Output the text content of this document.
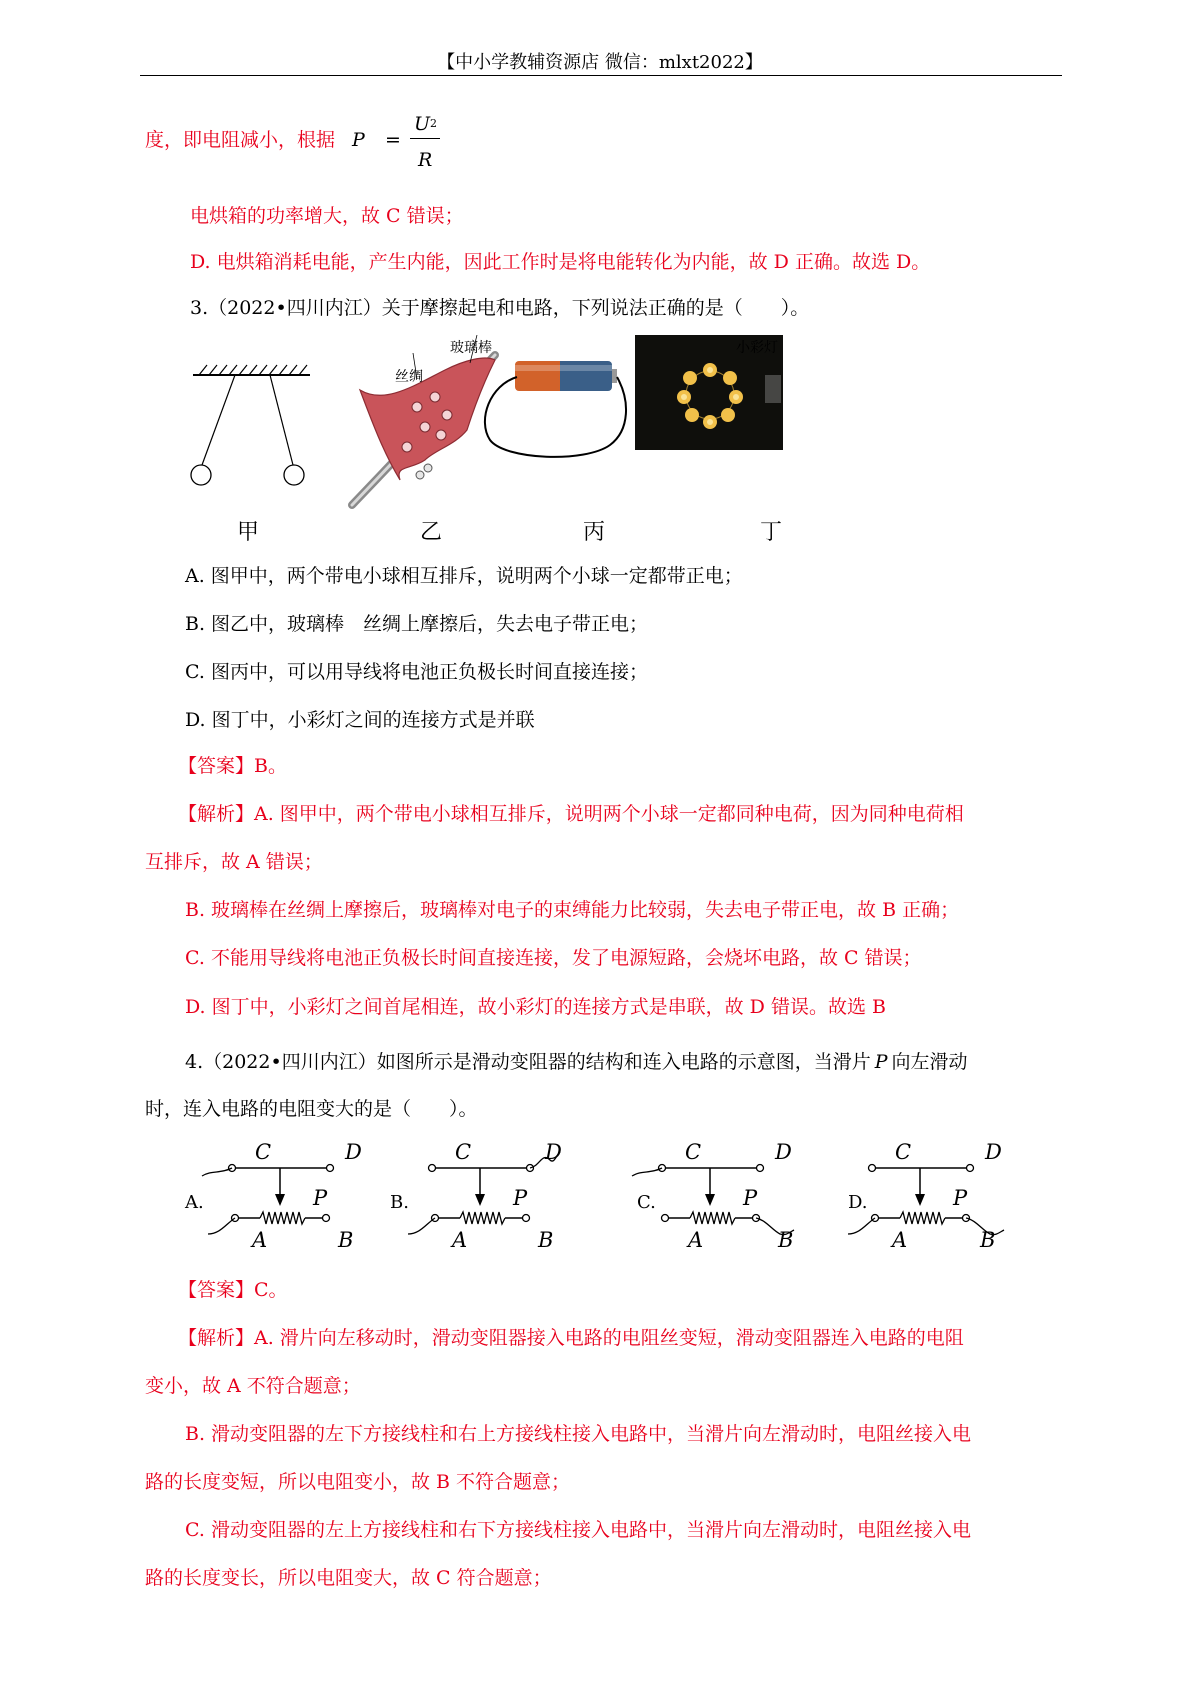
【中小学教辅资源店 微信：mlxt2022】
度，即电阻减小，根据 P =
$U^2$
R
电烘箱的功率增大，故 C 错误；
D. 电烘箱消耗电能，产生内能，因此工作时是将电能转化为内能，故 D 正确。故选 D。
3.（2022•四川内江）关于摩擦起电和电路，下列说法正确的是（　　）。
玻璃棒
丝绸
小彩灯
甲	乙	丙	丁
A. 图甲中，两个带电小球相互排斥，说明两个小球一定都带正电；
B. 图乙中，玻璃棒　丝绸上摩擦后，失去电子带正电；
C. 图丙中，可以用导线将电池正负极长时间直接连接；
D. 图丁中，小彩灯之间的连接方式是并联
【答案】B。
【解析】A. 图甲中，两个带电小球相互排斥，说明两个小球一定都同种电荷，因为同种电荷相
互排斥，故 A 错误；
B. 玻璃棒在丝绸上摩擦后，玻璃棒对电子的束缚能力比较弱，失去电子带正电，故 B 正确；
C. 不能用导线将电池正负极长时间直接连接，发了电源短路，会烧坏电路，故 C 错误；
D. 图丁中，小彩灯之间首尾相连，故小彩灯的连接方式是串联，故 D 错误。故选 B
4.（2022•四川内江）如图所示是滑动变阻器的结构和连入电路的示意图，当滑片 P 向左滑动
时，连入电路的电阻变大的是（　　）。
A.	B.	C.	D.
C	D
P
A	B
C	D
P
A	B
C	D
P
A	B
C	D
P
A	B
【答案】C。
【解析】A. 滑片向左移动时，滑动变阻器接入电路的电阻丝变短，滑动变阻器连入电路的电阻
变小，故 A 不符合题意；
B. 滑动变阻器的左下方接线柱和右上方接线柱接入电路中，当滑片向左滑动时，电阻丝接入电
路的长度变短，所以电阻变小，故 B 不符合题意；
C. 滑动变阻器的左上方接线柱和右下方接线柱接入电路中，当滑片向左滑动时，电阻丝接入电
路的长度变长，所以电阻变大，故 C 符合题意；
